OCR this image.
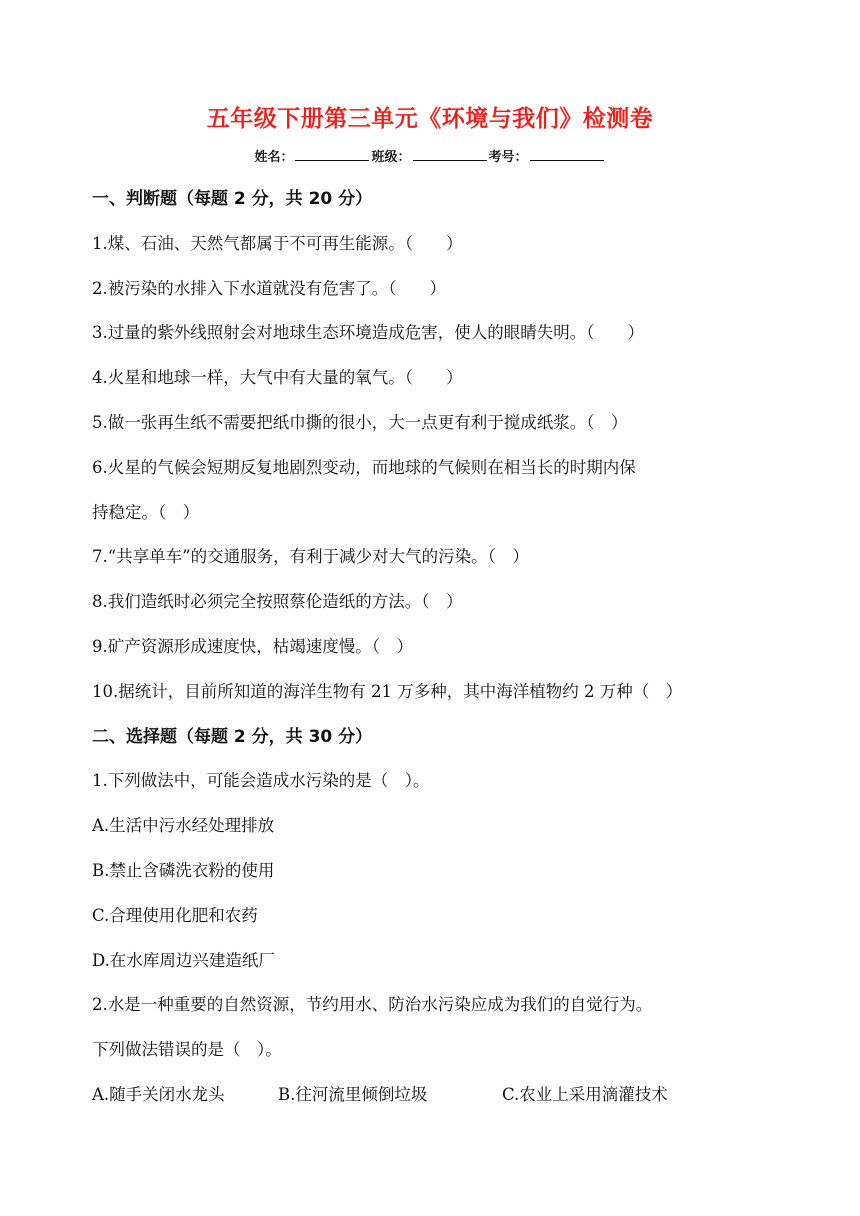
五年级下册第三单元《环境与我们》检测卷
姓名：	班级：	考号：
一、判断题（每题 2 分，共 20 分）
1.煤、石油、天然气都属于不可再生能源。（　　）
2.被污染的水排入下水道就没有危害了。（　　）
3.过量的紫外线照射会对地球生态环境造成危害，使人的眼睛失明。（　　）
4.火星和地球一样，大气中有大量的氧气。（　　）
5.做一张再生纸不需要把纸巾撕的很小，大一点更有利于搅成纸浆。（　）
6.火星的气候会短期反复地剧烈变动，而地球的气候则在相当长的时期内保
持稳定。（　）
7.“共享单车”的交通服务，有利于减少对大气的污染。（　）
8.我们造纸时必须完全按照蔡伦造纸的方法。（　）
9.矿产资源形成速度快，枯竭速度慢。（　）
10.据统计，目前所知道的海洋生物有 21 万多种，其中海洋植物约 2 万种（　）
二、选择题（每题 2 分，共 30 分）
1.下列做法中，可能会造成水污染的是（　）。
A.生活中污水经处理排放
B.禁止含磷洗衣粉的使用
C.合理使用化肥和农药
D.在水库周边兴建造纸厂
2.水是一种重要的自然资源，节约用水、防治水污染应成为我们的自觉行为。
下列做法错误的是（　）。
A.随手关闭水龙头	B.往河流里倾倒垃圾	C.农业上采用滴灌技术
